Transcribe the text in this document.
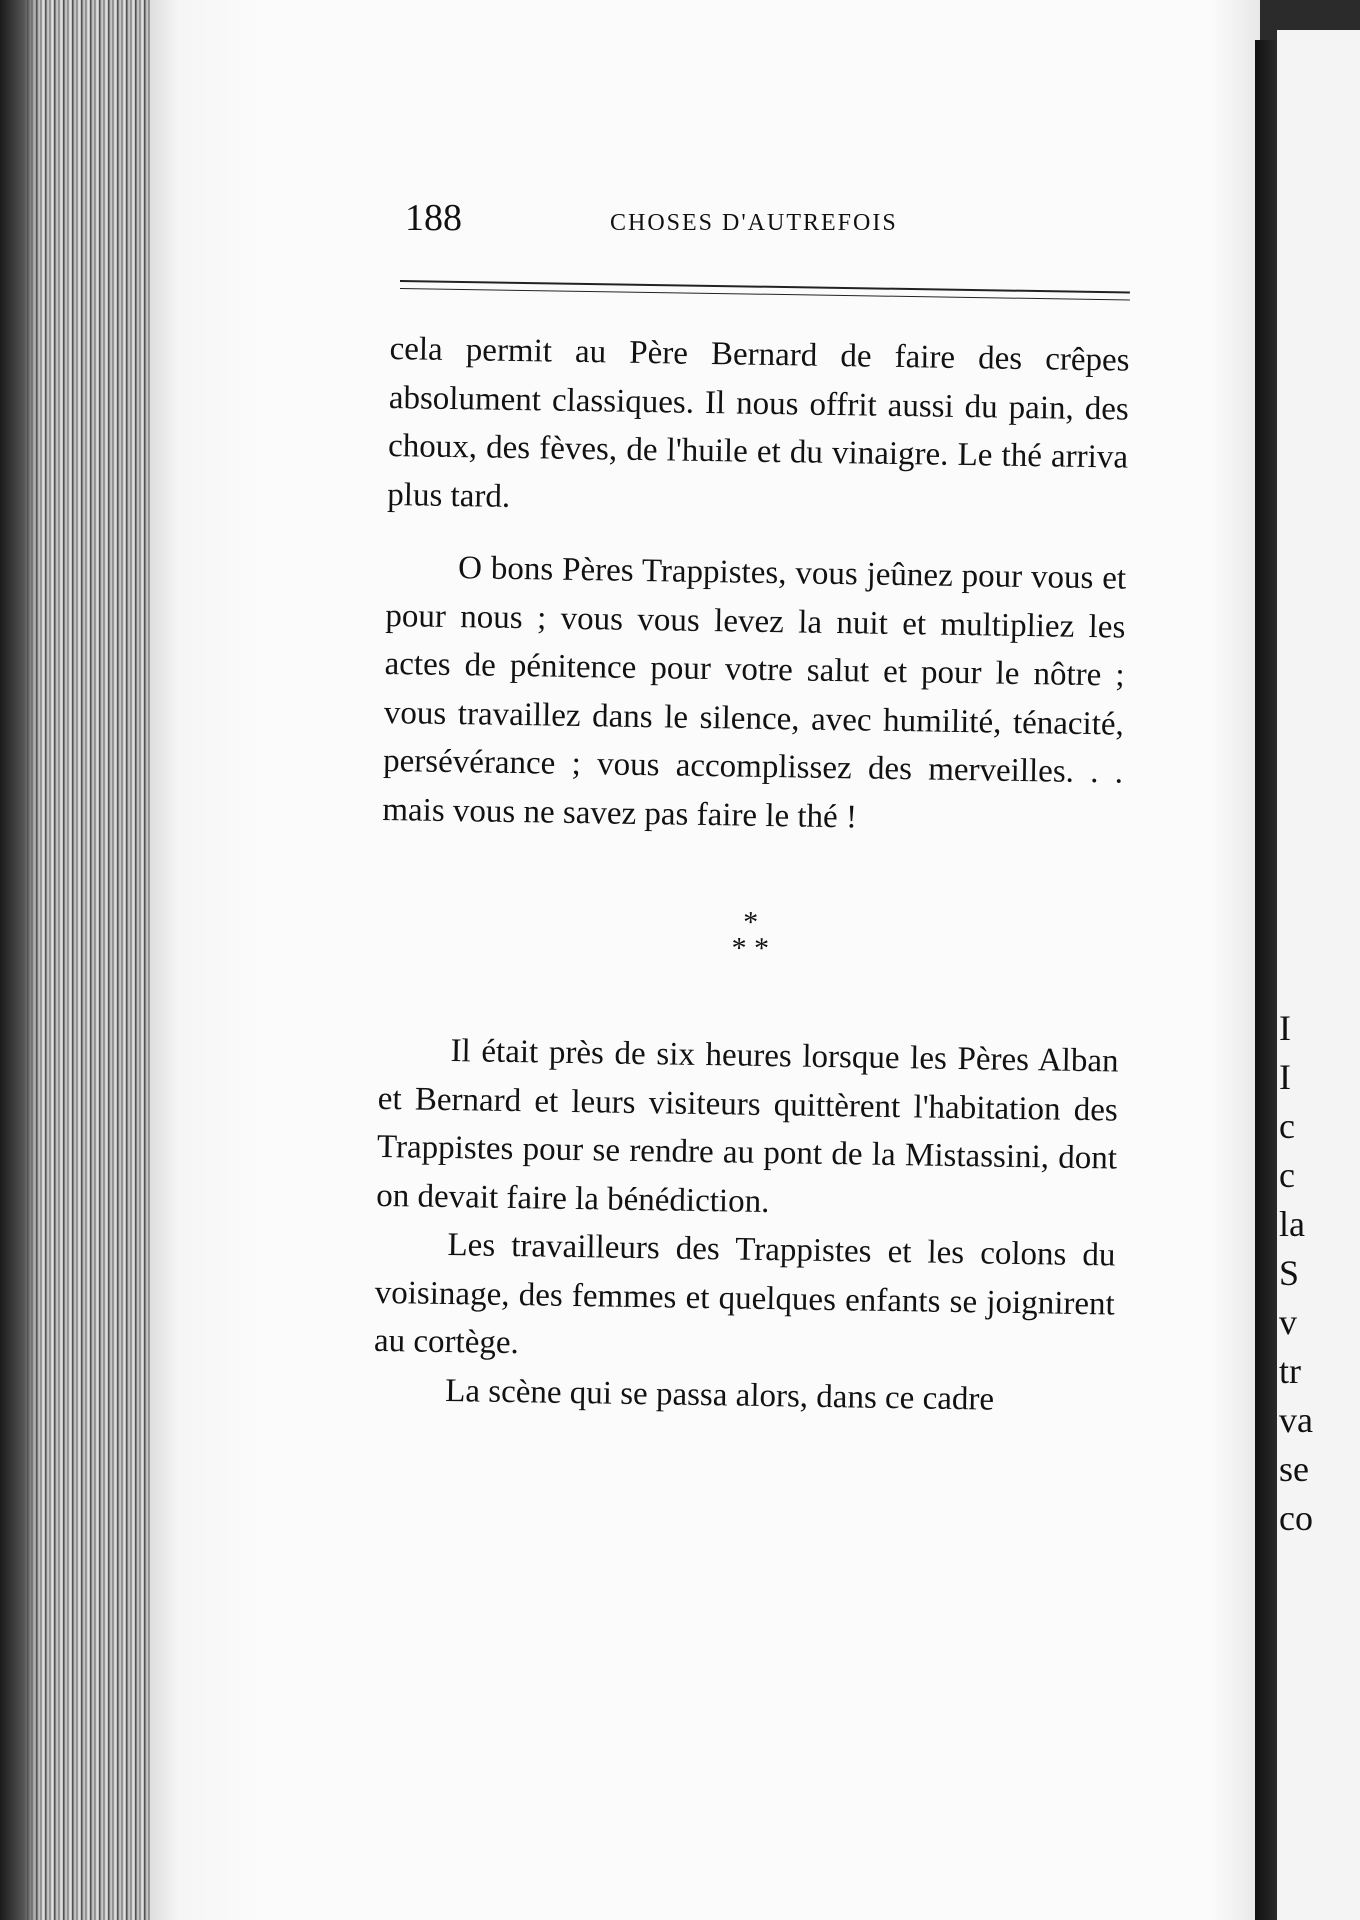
188	CHOSES D'AUTREFOIS

cela permit au Père Bernard de faire des crêpes absolument classiques. Il nous offrit aussi du pain, des choux, des fèves, de l'huile et du vinaigre. Le thé arriva plus tard.

O bons Pères Trappistes, vous jeûnez pour vous et pour nous ; vous vous levez la nuit et multipliez les actes de pénitence pour votre salut et pour le nôtre ; vous travaillez dans le silence, avec humilité, ténacité, persévérance ; vous accomplissez des merveilles. . . mais vous ne savez pas faire le thé !

*
* *

Il était près de six heures lorsque les Pères Alban et Bernard et leurs visiteurs quittèrent l'habitation des Trappistes pour se rendre au pont de la Mistassini, dont on devait faire la bénédiction.

Les travailleurs des Trappistes et les colons du voisinage, des femmes et quelques enfants se joignirent au cortège.

La scène qui se passa alors, dans ce cadre

I
I
c
c
la
S
v
tr
va
se
co
